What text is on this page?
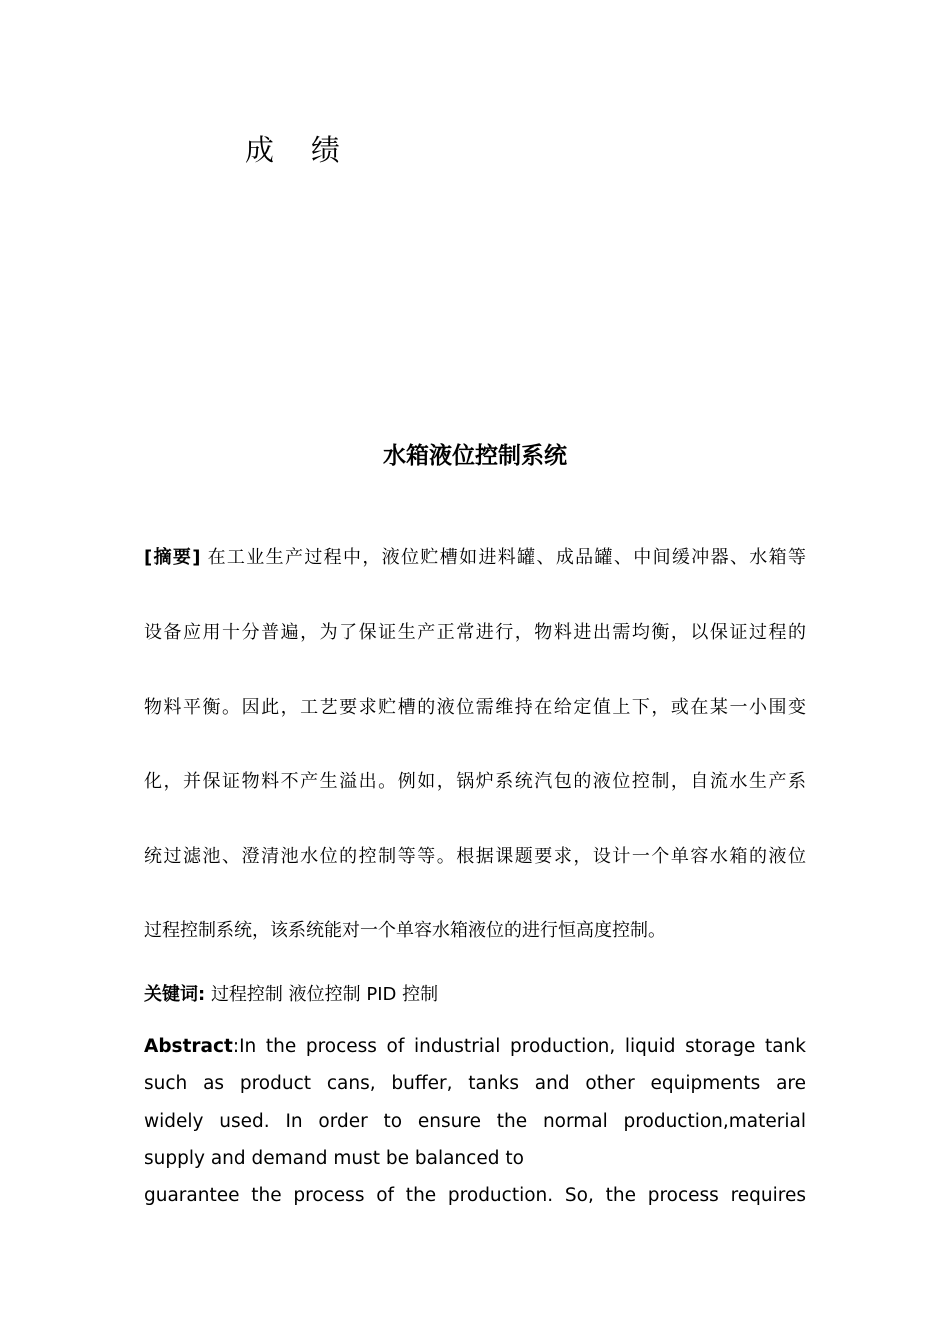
成    绩
水箱液位控制系统
[摘要] 在工业生产过程中，液位贮槽如进料罐、成品罐、中间缓冲器、水箱等
设备应用十分普遍，为了保证生产正常进行，物料进出需均衡，以保证过程的
物料平衡。因此，工艺要求贮槽的液位需维持在给定值上下，或在某一小围变
化，并保证物料不产生溢出。例如，锅炉系统汽包的液位控制，自流水生产系
统过滤池、澄清池水位的控制等等。根据课题要求，设计一个单容水箱的液位
过程控制系统，该系统能对一个单容水箱液位的进行恒高度控制。
关键词: 过程控制 液位控制 PID 控制
Abstract:In the process of industrial production, liquid storage tank
such as product cans, buffer, tanks and other equipments are
widely used. In order to ensure the normal production,material
supply and demand must be balanced to
guarantee the process of the production. So, the process requires
